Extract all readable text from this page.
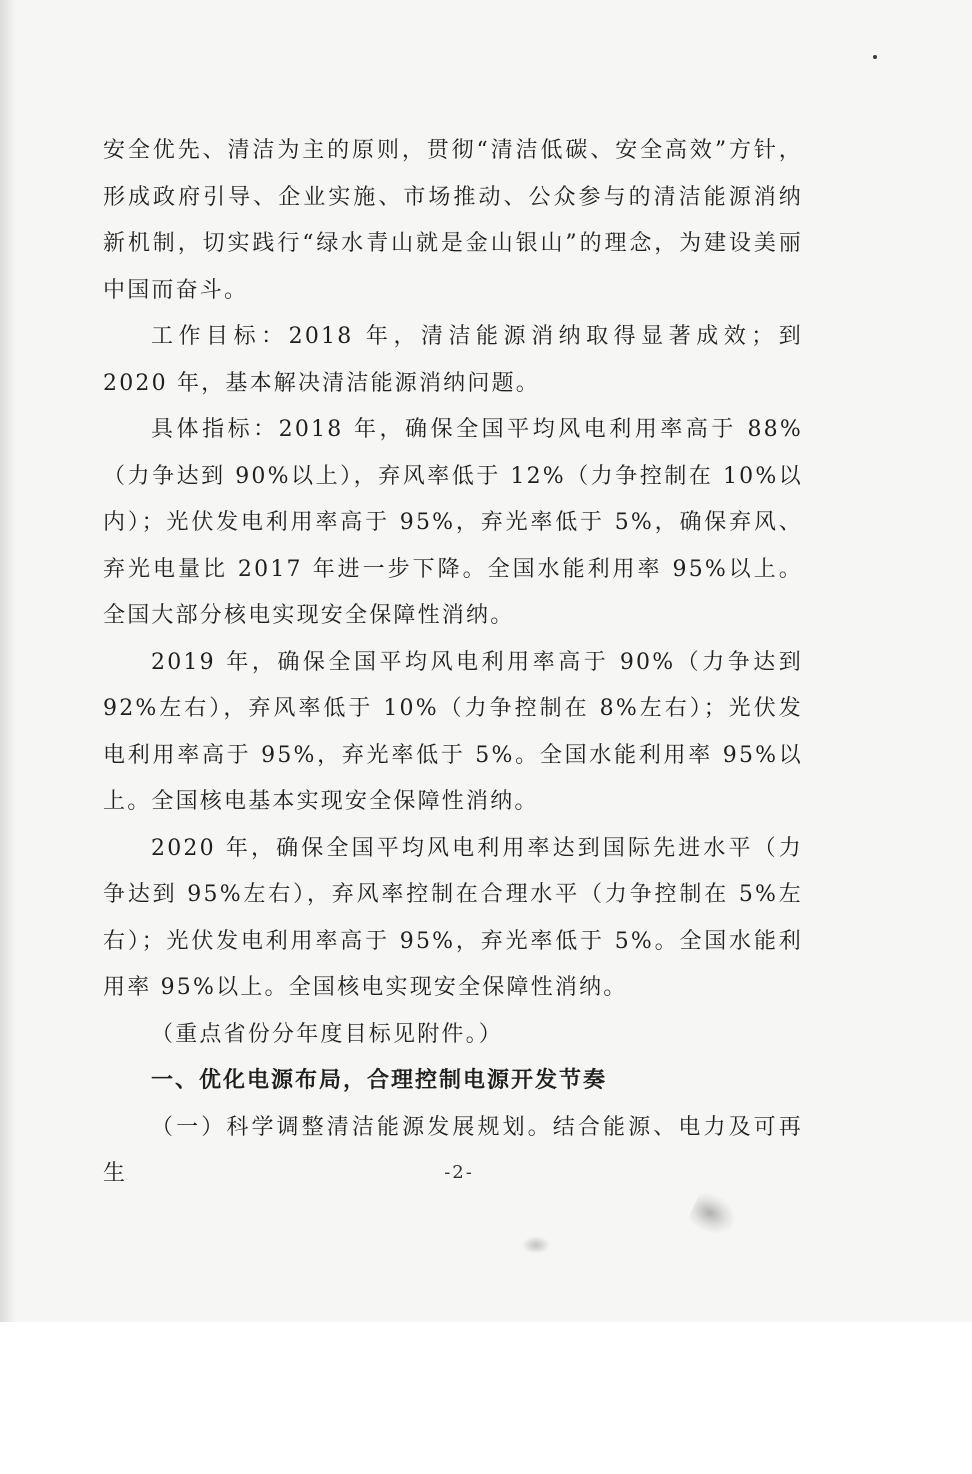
安全优先、清洁为主的原则，贯彻“清洁低碳、安全高效”方针，形成政府引导、企业实施、市场推动、公众参与的清洁能源消纳新机制，切实践行“绿水青山就是金山银山”的理念，为建设美丽中国而奋斗。

工作目标：2018 年，清洁能源消纳取得显著成效；到 2020 年，基本解决清洁能源消纳问题。

具体指标：2018 年，确保全国平均风电利用率高于 88%（力争达到 90%以上），弃风率低于 12%（力争控制在 10%以内）；光伏发电利用率高于 95%，弃光率低于 5%，确保弃风、弃光电量比 2017 年进一步下降。全国水能利用率 95%以上。全国大部分核电实现安全保障性消纳。

2019 年，确保全国平均风电利用率高于 90%（力争达到 92%左右），弃风率低于 10%（力争控制在 8%左右）；光伏发电利用率高于 95%，弃光率低于 5%。全国水能利用率 95%以上。全国核电基本实现安全保障性消纳。

2020 年，确保全国平均风电利用率达到国际先进水平（力争达到 95%左右），弃风率控制在合理水平（力争控制在 5%左右）；光伏发电利用率高于 95%，弃光率低于 5%。全国水能利用率 95%以上。全国核电实现安全保障性消纳。

（重点省份分年度目标见附件。）

一、优化电源布局，合理控制电源开发节奏

（一）科学调整清洁能源发展规划。结合能源、电力及可再生	-2-
